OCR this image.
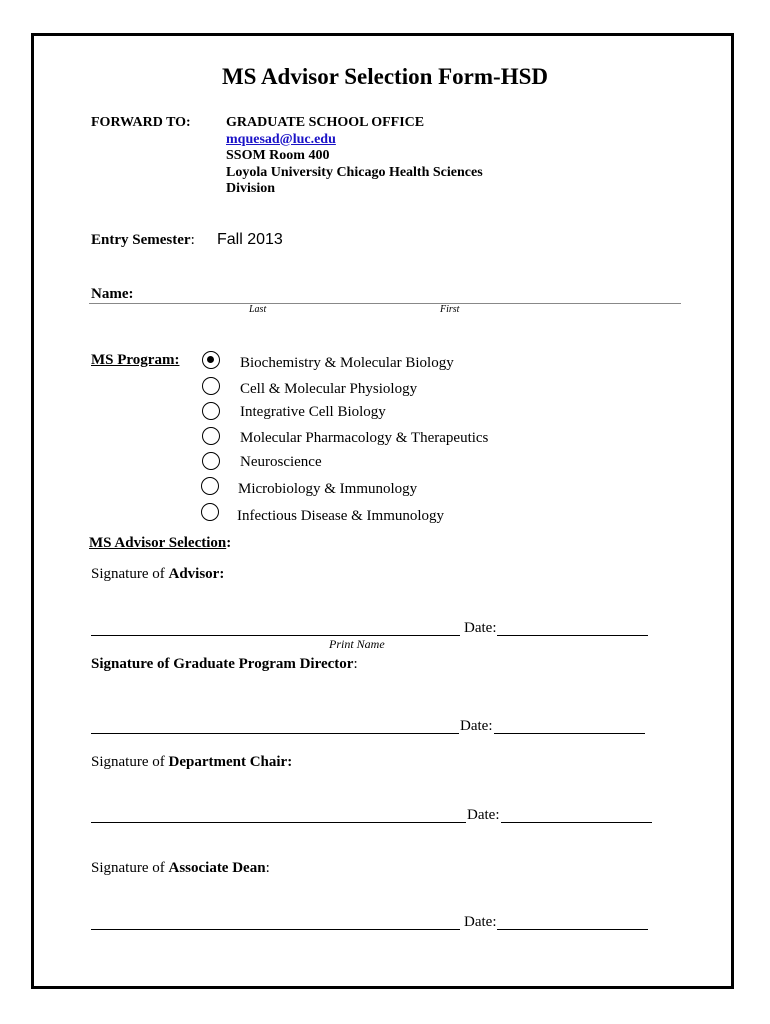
MS Advisor Selection Form-HSD
FORWARD TO:	GRADUATE SCHOOL OFFICE
mquesad@luc.edu
SSOM Room 400
Loyola University Chicago Health Sciences
Division
Entry Semester: Fall 2013
Name:
Last	First
MS Program:	Biochemistry & Molecular Biology
Cell & Molecular Physiology
Integrative Cell Biology
Molecular Pharmacology & Therapeutics
Neuroscience
Microbiology & Immunology
Infectious Disease & Immunology
MS Advisor Selection:
Signature of Advisor:
Date:
Print Name
Signature of Graduate Program Director:
Date:
Signature of Department Chair:
Date:
Signature of Associate Dean:
Date:
